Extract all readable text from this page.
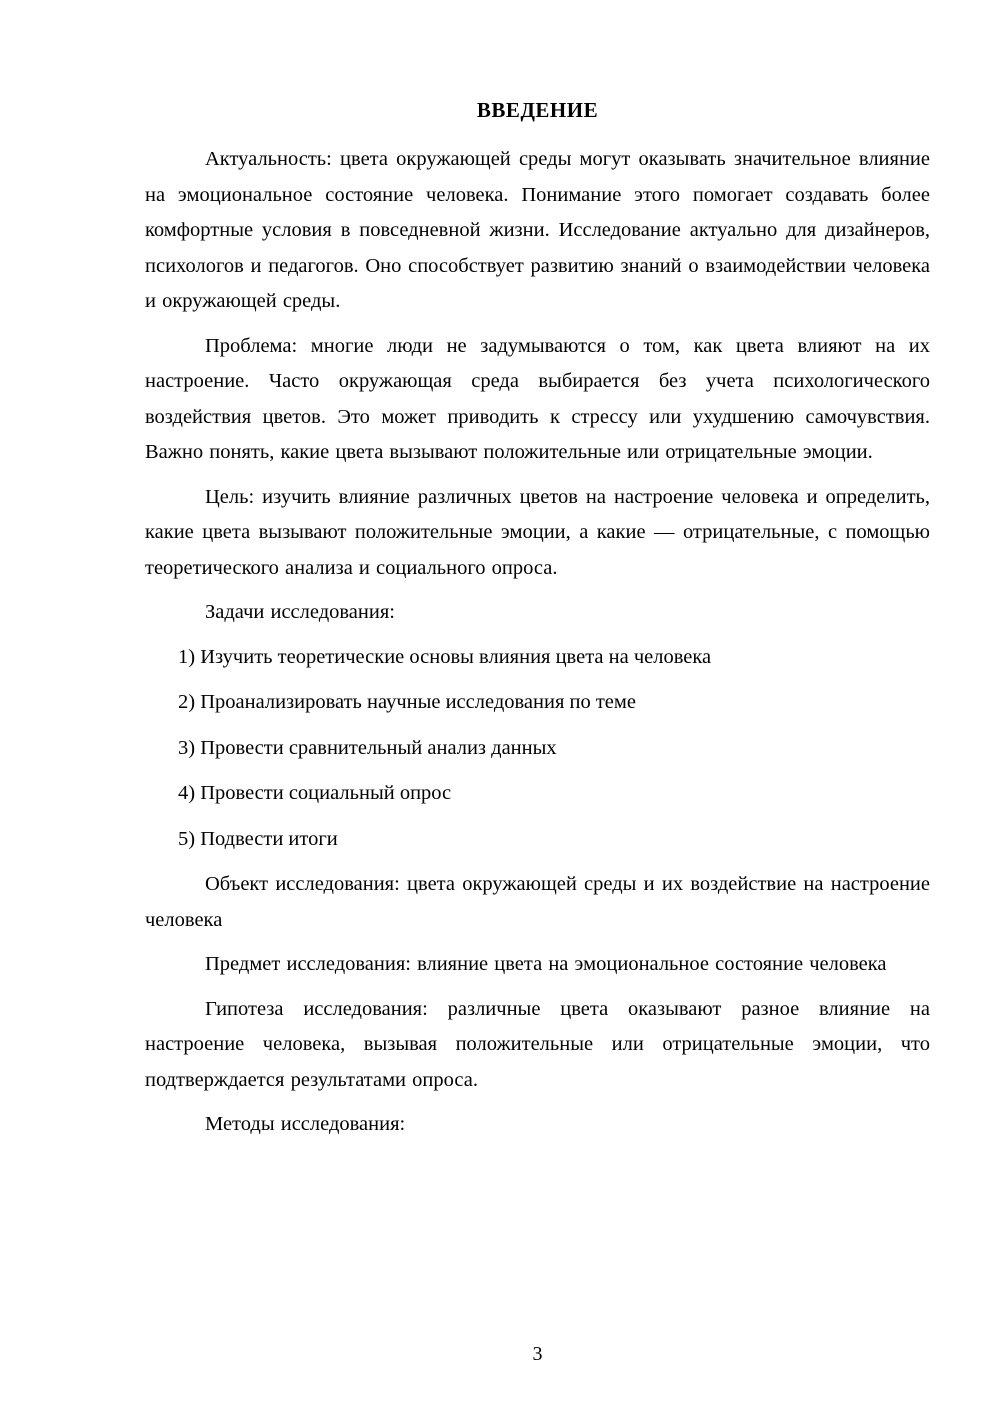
ВВЕДЕНИЕ

Актуальность: цвета окружающей среды могут оказывать значительное влияние на эмоциональное состояние человека. Понимание этого помогает создавать более комфортные условия в повседневной жизни. Исследование актуально для дизайнеров, психологов и педагогов. Оно способствует развитию знаний о взаимодействии человека и окружающей среды.

Проблема: многие люди не задумываются о том, как цвета влияют на их настроение. Часто окружающая среда выбирается без учета психологического воздействия цветов. Это может приводить к стрессу или ухудшению самочувствия. Важно понять, какие цвета вызывают положительные или отрицательные эмоции.

Цель: изучить влияние различных цветов на настроение человека и определить, какие цвета вызывают положительные эмоции, а какие — отрицательные, с помощью теоретического анализа и социального опроса.

Задачи исследования:

1) Изучить теоретические основы влияния цвета на человека
2) Проанализировать научные исследования по теме
3) Провести сравнительный анализ данных
4) Провести социальный опрос
5) Подвести итоги

Объект исследования: цвета окружающей среды и их воздействие на настроение человека

Предмет исследования: влияние цвета на эмоциональное состояние человека

Гипотеза исследования: различные цвета оказывают разное влияние на настроение человека, вызывая положительные или отрицательные эмоции, что подтверждается результатами опроса.

Методы исследования:

3
